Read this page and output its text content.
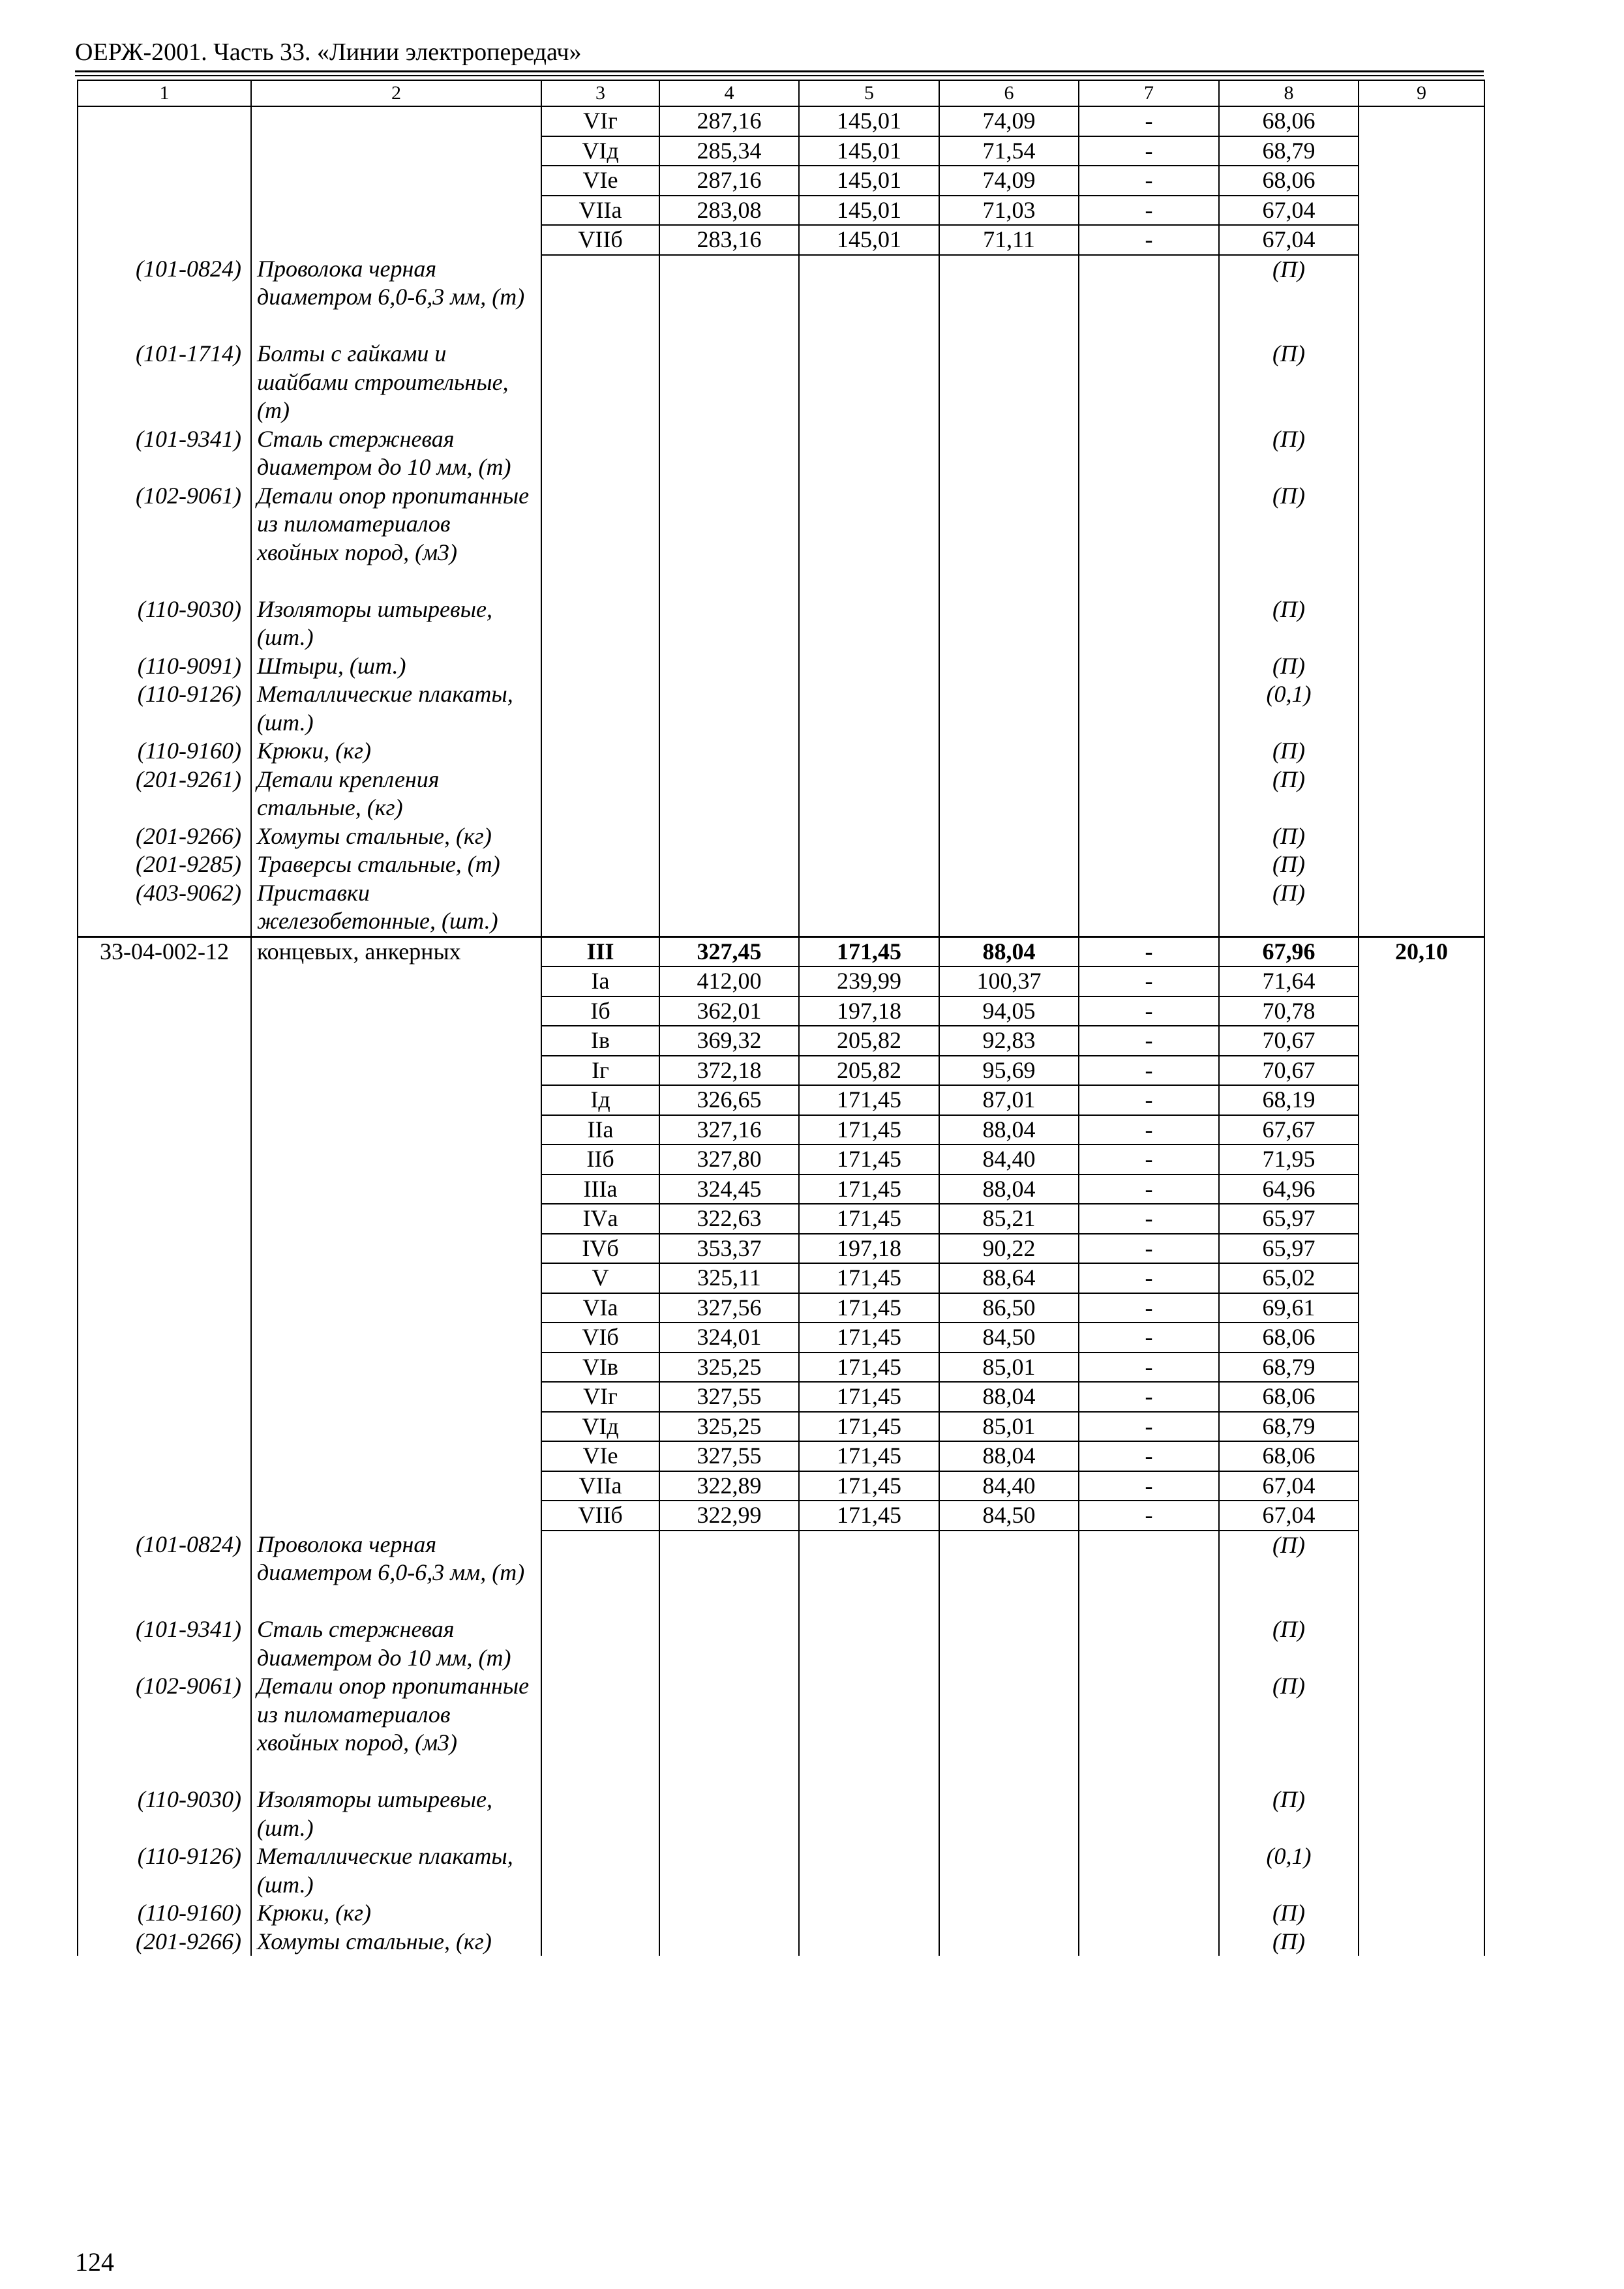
ОЕРЖ-2001. Часть 33. «Линии электропередач»
1	2	3	4	5	6	7	8	9
		VIг	287,16	145,01	74,09	-	68,06	
		VIд	285,34	145,01	71,54	-	68,79	
		VIе	287,16	145,01	74,09	-	68,06	
		VIIа	283,08	145,01	71,03	-	67,04	
		VIIб	283,16	145,01	71,11	-	67,04	
(101-0824)	Проволока черная диаметром 6,0-6,3 мм, (т)						(П)	
(101-1714)	Болты с гайками и шайбами строительные, (т)						(П)	
(101-9341)	Сталь стержневая диаметром до 10 мм, (т)						(П)	
(102-9061)	Детали опор пропитанные из пиломатериалов хвойных пород, (м3)						(П)	
(110-9030)	Изоляторы штыревые, (шт.)						(П)	
(110-9091)	Штыри, (шт.)						(П)	
(110-9126)	Металлические плакаты, (шт.)						(0,1)	
(110-9160)	Крюки, (кг)						(П)	
(201-9261)	Детали крепления стальные, (кг)						(П)	
(201-9266)	Хомуты стальные, (кг)						(П)	
(201-9285)	Траверсы стальные, (т)						(П)	
(403-9062)	Приставки железобетонные, (шт.)						(П)	
33-04-002-12	концевых, анкерных	III	327,45	171,45	88,04	-	67,96	20,10
		Iа	412,00	239,99	100,37	-	71,64	
		Iб	362,01	197,18	94,05	-	70,78	
		Iв	369,32	205,82	92,83	-	70,67	
		Iг	372,18	205,82	95,69	-	70,67	
		Iд	326,65	171,45	87,01	-	68,19	
		IIа	327,16	171,45	88,04	-	67,67	
		IIб	327,80	171,45	84,40	-	71,95	
		IIIа	324,45	171,45	88,04	-	64,96	
		IVа	322,63	171,45	85,21	-	65,97	
		IVб	353,37	197,18	90,22	-	65,97	
		V	325,11	171,45	88,64	-	65,02	
		VIа	327,56	171,45	86,50	-	69,61	
		VIб	324,01	171,45	84,50	-	68,06	
		VIв	325,25	171,45	85,01	-	68,79	
		VIг	327,55	171,45	88,04	-	68,06	
		VIд	325,25	171,45	85,01	-	68,79	
		VIе	327,55	171,45	88,04	-	68,06	
		VIIа	322,89	171,45	84,40	-	67,04	
		VIIб	322,99	171,45	84,50	-	67,04	
(101-0824)	Проволока черная диаметром 6,0-6,3 мм, (т)						(П)	
(101-9341)	Сталь стержневая диаметром до 10 мм, (т)						(П)	
(102-9061)	Детали опор пропитанные из пиломатериалов хвойных пород, (м3)						(П)	
(110-9030)	Изоляторы штыревые, (шт.)						(П)	
(110-9126)	Металлические плакаты, (шт.)						(0,1)	
(110-9160)	Крюки, (кг)						(П)	
(201-9266)	Хомуты стальные, (кг)						(П)	
124
